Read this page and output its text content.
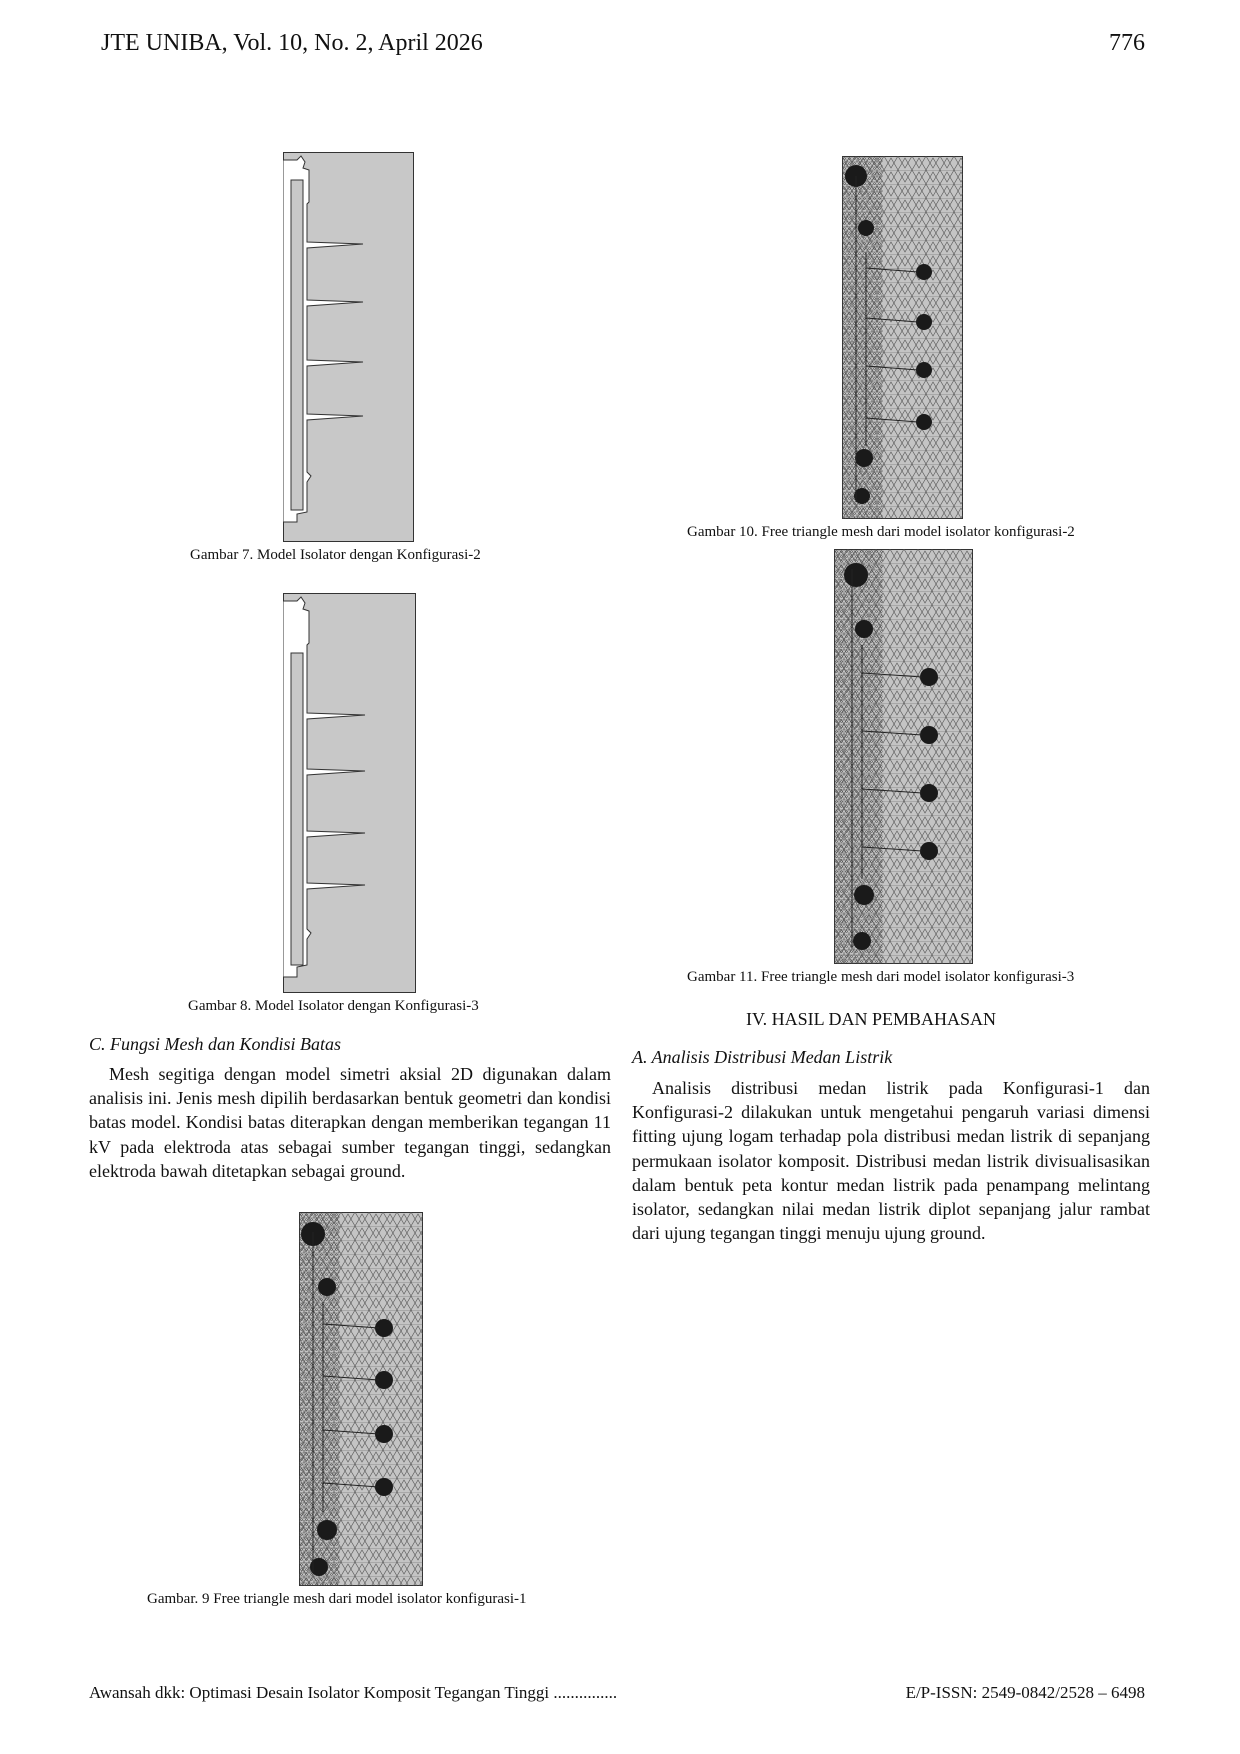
JTE UNIBA, Vol. 10, No. 2, April 2026	776
Gambar 7. Model Isolator dengan Konfigurasi-2
Gambar 8. Model Isolator dengan Konfigurasi-3
C. Fungsi Mesh dan Kondisi Batas

Mesh segitiga dengan model simetri aksial 2D digunakan dalam analisis ini. Jenis mesh dipilih berdasarkan bentuk geometri dan kondisi batas model. Kondisi batas diterapkan dengan memberikan tegangan 11 kV pada elektroda atas sebagai sumber tegangan tinggi, sedangkan elektroda bawah ditetapkan sebagai ground.

Gambar. 9 Free triangle mesh dari model isolator konfigurasi-1
Gambar 10. Free triangle mesh dari model isolator konfigurasi-2
Gambar 11. Free triangle mesh dari model isolator konfigurasi-3
IV. HASIL DAN PEMBAHASAN
A. Analisis Distribusi Medan Listrik

Analisis distribusi medan listrik pada Konfigurasi-1 dan Konfigurasi-2 dilakukan untuk mengetahui pengaruh variasi dimensi fitting ujung logam terhadap pola distribusi medan listrik di sepanjang permukaan isolator komposit. Distribusi medan listrik divisualisasikan dalam bentuk peta kontur medan listrik pada penampang melintang isolator, sedangkan nilai medan listrik diplot sepanjang jalur rambat dari ujung tegangan tinggi menuju ujung ground.

Awansah dkk: Optimasi Desain Isolator Komposit Tegangan Tinggi ...............	E/P-ISSN: 2549-0842/2528 – 6498
